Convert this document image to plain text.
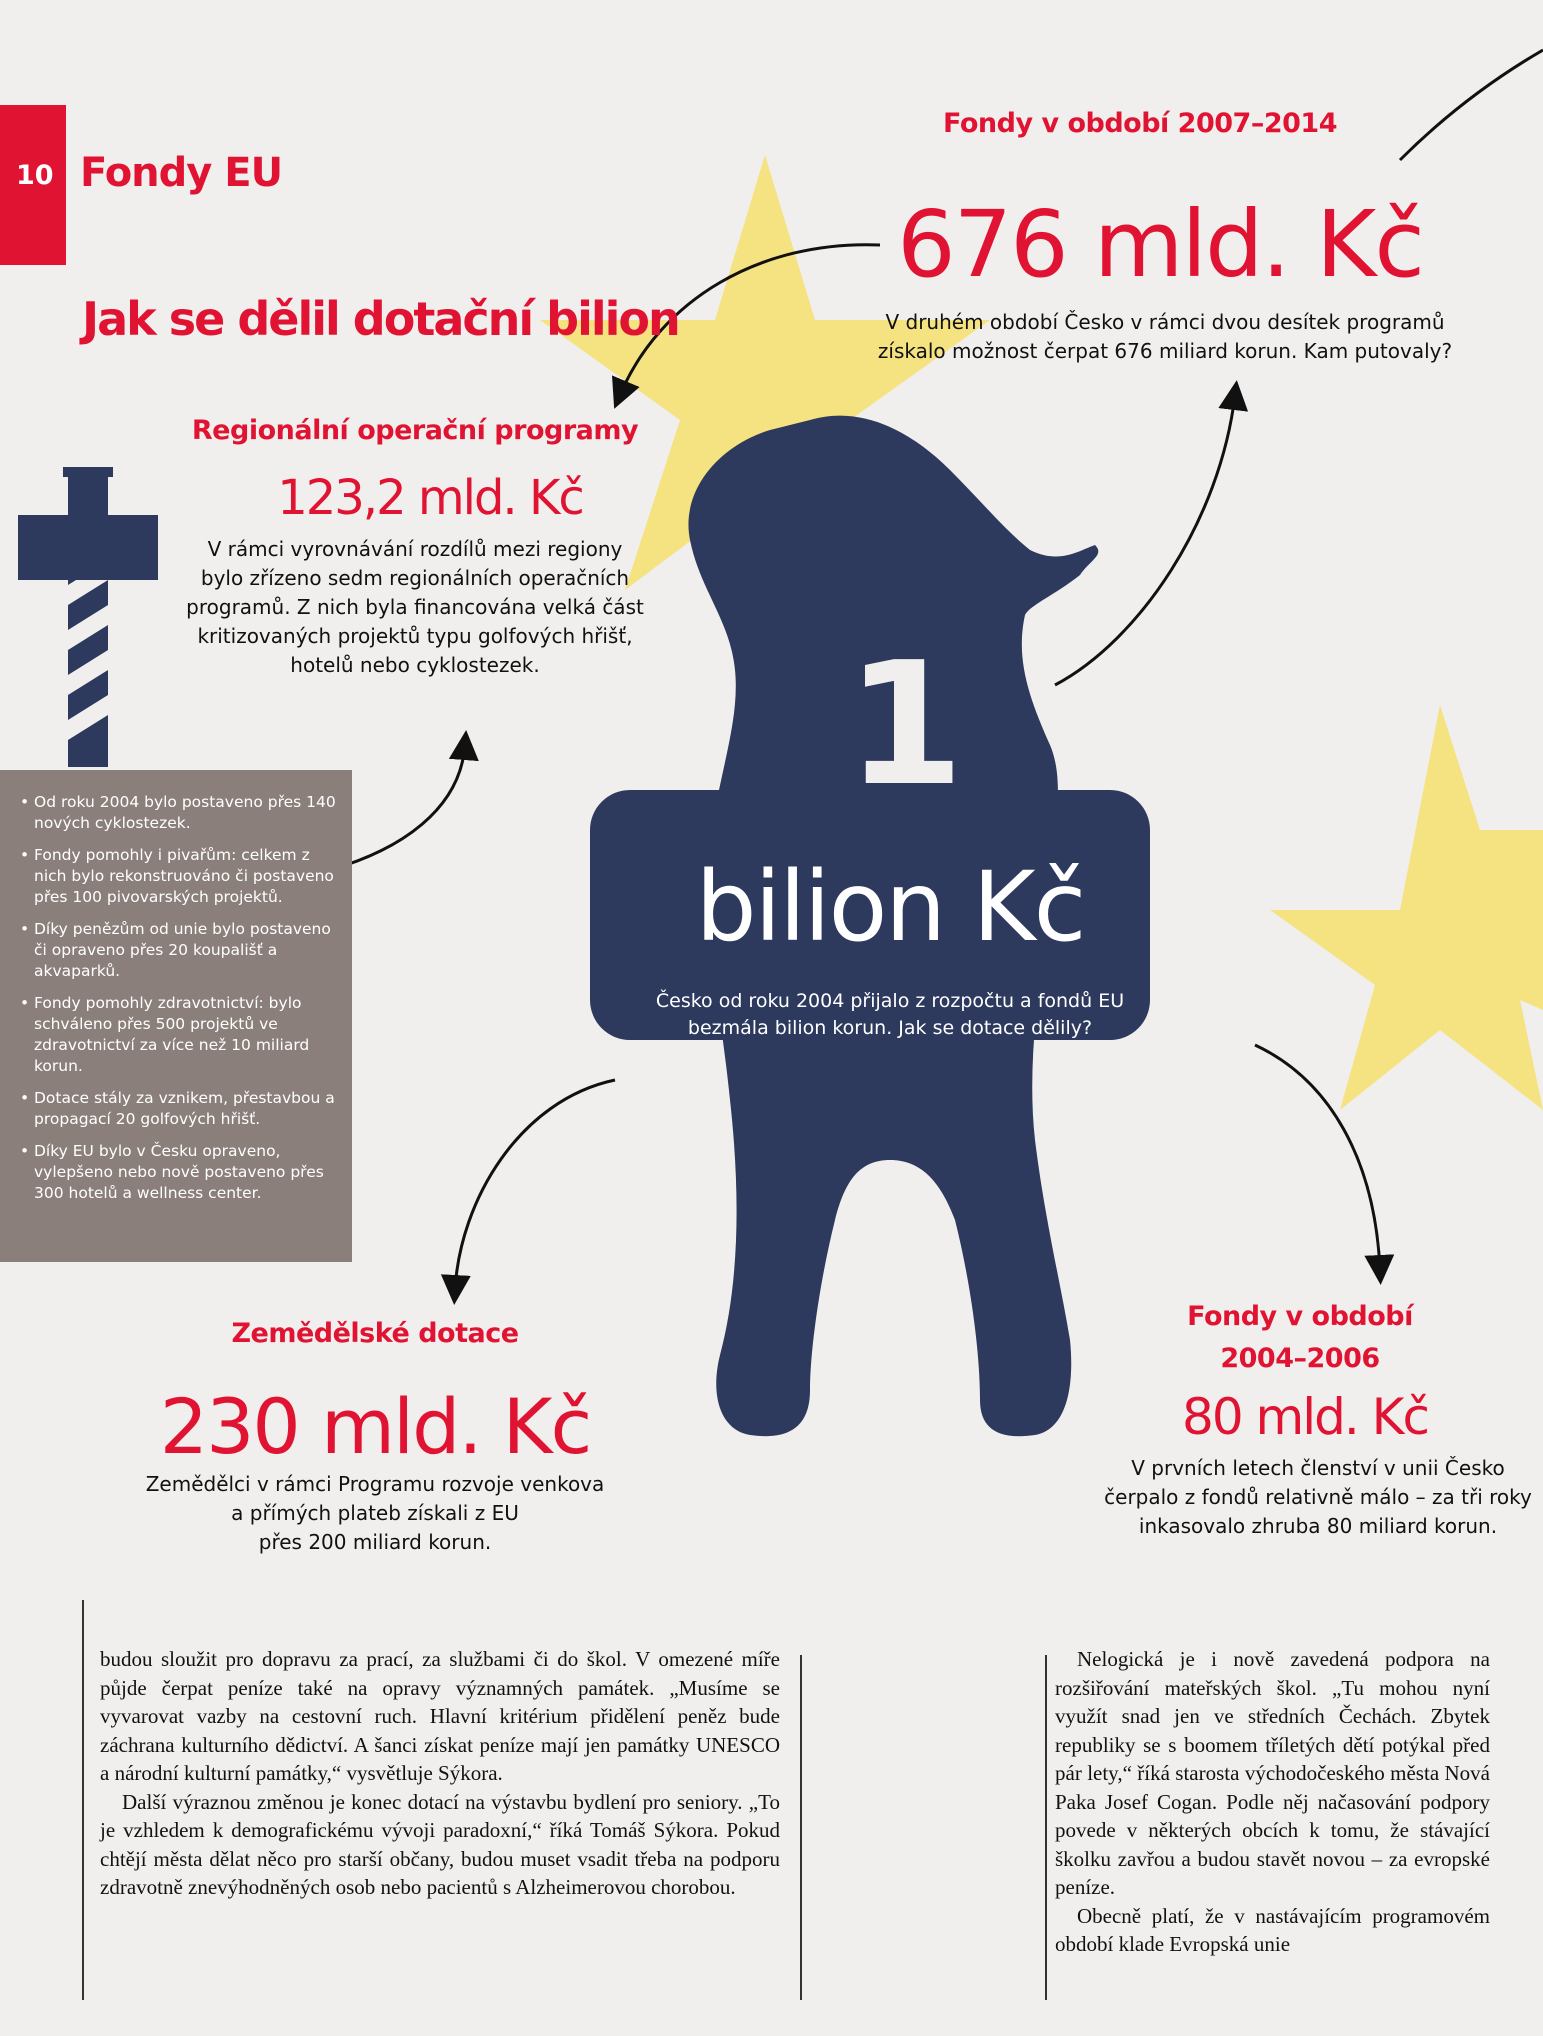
10 Fondy EU
Jak se dělil dotační bilion
Fondy v období 2007–2014
676 mld. Kč
V druhém období Česko v rámci dvou desítek programů
získalo možnost čerpat 676 miliard korun. Kam putovaly?
Regionální operační programy
123,2 mld. Kč
V rámci vyrovnávání rozdílů mezi regiony
bylo zřízeno sedm regionálních operačních
programů. Z nich byla financována velká část
kritizovaných projektů typu golfových hřišť,
hotelů nebo cyklostezek.
• Od roku 2004 bylo postaveno přes 140 nových cyklostezek.
• Fondy pomohly i pivařům: celkem z nich bylo rekonstruováno či postaveno přes 100 pivovarských projektů.
• Díky penězům od unie bylo postaveno či opraveno přes 20 koupališť a akvaparků.
• Fondy pomohly zdravotnictví: bylo schváleno přes 500 projektů ve zdravotnictví za více než 10 miliard korun.
• Dotace stály za vznikem, přestavbou a propagací 20 golfových hřišť.
• Díky EU bylo v Česku opraveno, vylepšeno nebo nově postaveno přes 300 hotelů a wellness center.
1
bilion Kč
Česko od roku 2004 přijalo z rozpočtu a fondů EU
bezmála bilion korun. Jak se dotace dělily?
Zemědělské dotace
230 mld. Kč
Zemědělci v rámci Programu rozvoje venkova
a přímých plateb získali z EU
přes 200 miliard korun.
Fondy v období
2004–2006
80 mld. Kč
V prvních letech členství v unii Česko
čerpalo z fondů relativně málo – za tři roky
inkasovalo zhruba 80 miliard korun.

budou sloužit pro dopravu za prací, za službami či do škol. V omezené míře půjde čerpat peníze také na opravy významných památek. „Musíme se vyvarovat vazby na cestovní ruch. Hlavní kritérium přidělení peněz bude záchrana kulturního dědictví. A šanci získat peníze mají jen památky UNESCO a národní kulturní památky,“ vysvětluje Sýkora.

Další výraznou změnou je konec dotací na výstavbu bydlení pro seniory. „To je vzhledem k demografickému vývoji paradoxní,“ říká Tomáš Sýkora. Pokud chtějí města dělat něco pro starší občany, budou muset vsadit třeba na podporu zdravotně znevýhodněných osob nebo pacientů s Alzheimerovou chorobou.

Nelogická je i nově zavedená podpora na rozšiřování mateřských škol. „Tu mohou nyní využít snad jen ve středních Čechách. Zbytek republiky se s boomem tříletých dětí potýkal před pár lety,“ říká starosta východočeského města Nová Paka Josef Cogan. Podle něj načasování podpory povede v některých obcích k tomu, že stávající školku zavřou a budou stavět novou – za evropské peníze.

Obecně platí, že v nastávajícím programovém období klade Evropská unie
